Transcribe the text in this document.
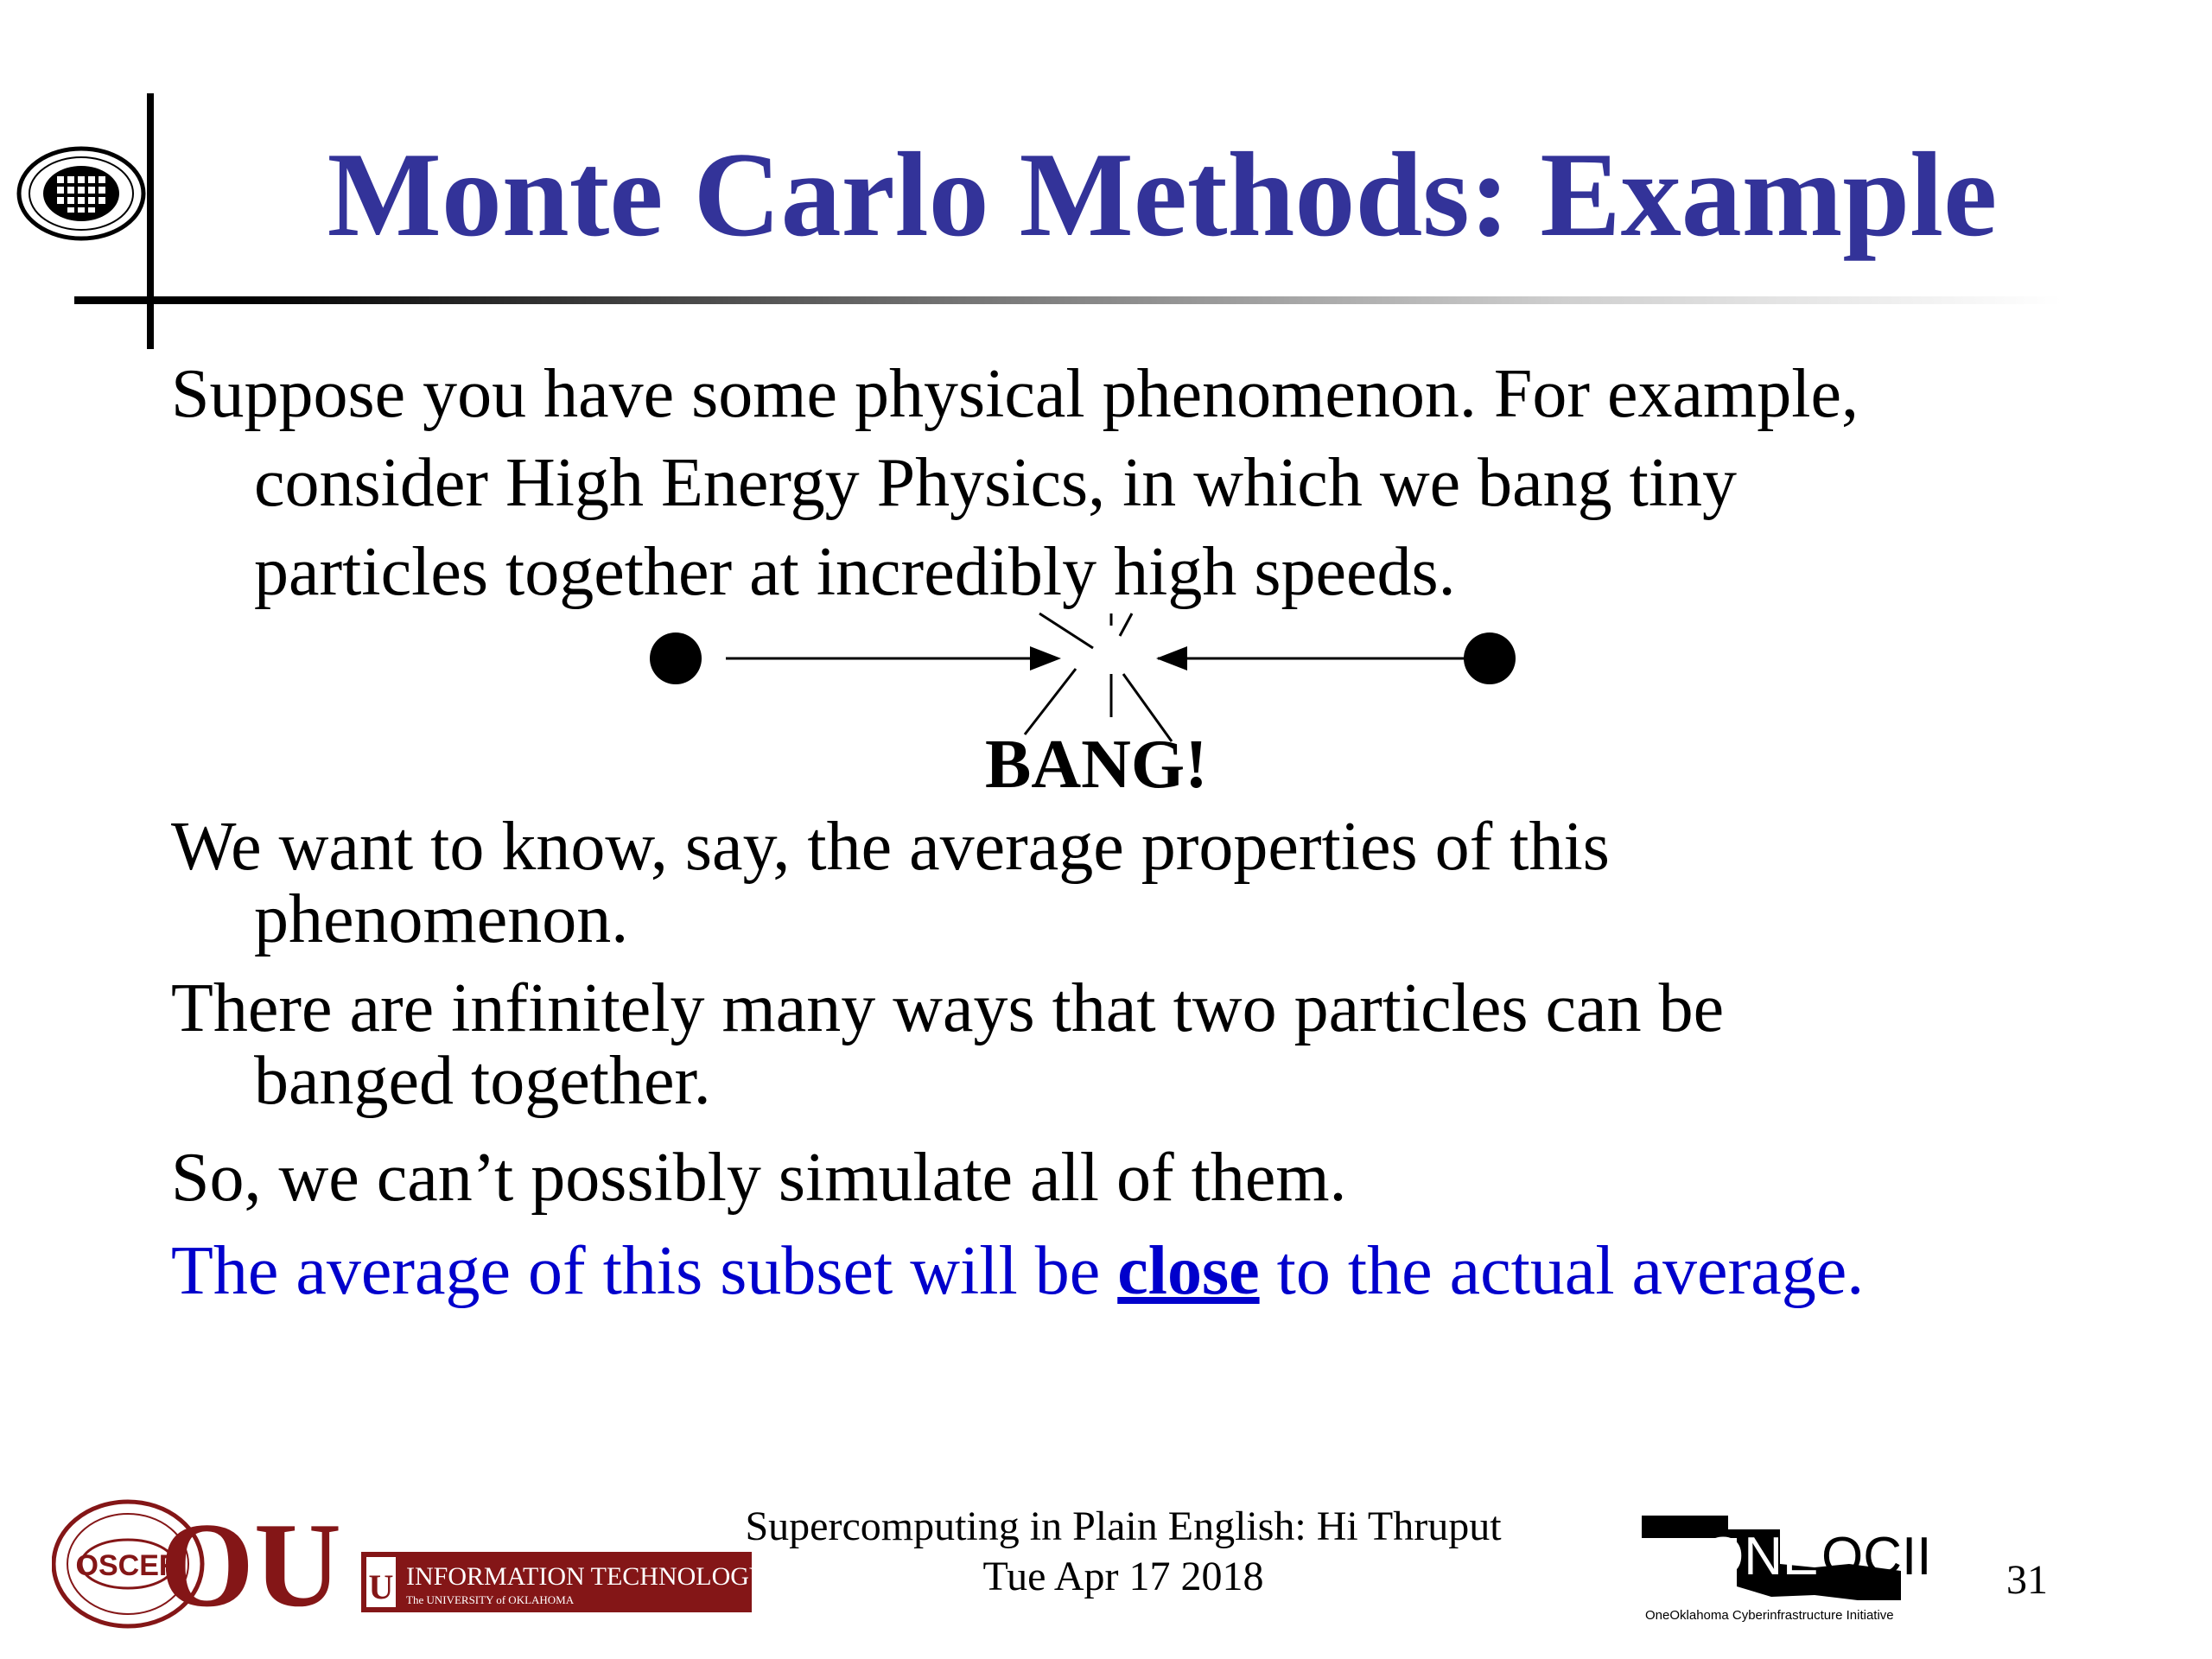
Monte Carlo Methods: Example
Suppose you have some physical phenomenon. For example,
consider High Energy Physics, in which we bang tiny
particles together at incredibly high speeds.
BANG!
We want to know, say, the average properties of this
phenomenon.
There are infinitely many ways that two particles can be
banged together.
So, we can’t possibly simulate all of them.
The average of this subset will be close to the actual average.
OSCER
OU U INFORMATION TECHNOLOGY
The UNIVERSITY of OKLAHOMA
Supercomputing in Plain English: Hi Thruput
Tue Apr 17 2018	ONE OCII
OneOklahoma Cyberinfrastructure Initiative
31
